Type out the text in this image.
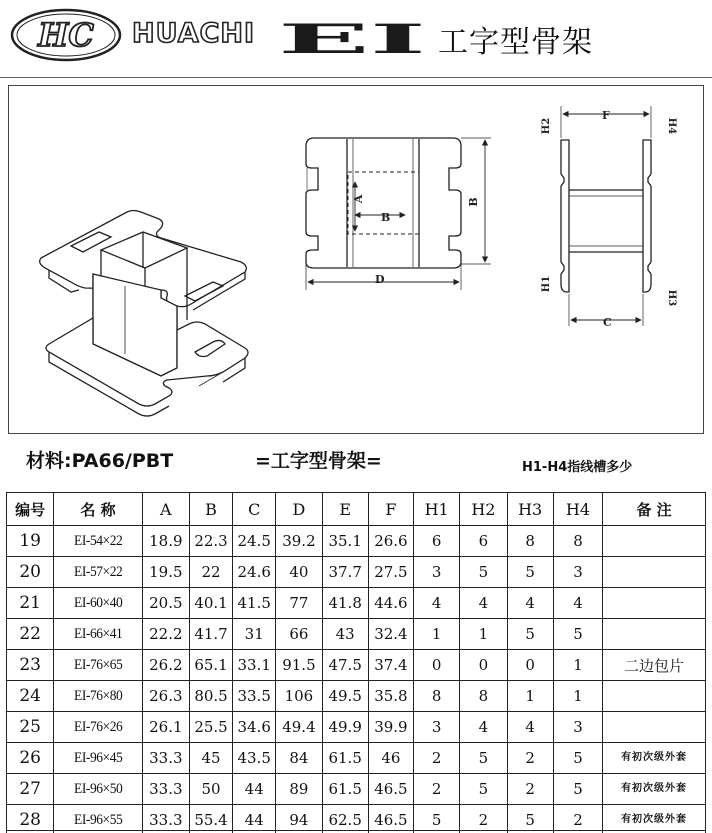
HC HUACHI EI 工字型骨架
A
B
B
D
F
C
H2	H4
H1
H3
材料:PA66/PBT	=工字型骨架=	H1-H4指线槽多少
编号	名 称	A	B	C	D	E	F	H1	H2	H3	H4	备 注
19	EI-54×22	18.9	22.3	24.5	39.2	35.1	26.6	6	6	8	8	
20	EI-57×22	19.5	22	24.6	40	37.7	27.5	3	5	5	3	
21	EI-60×40	20.5	40.1	41.5	77	41.8	44.6	4	4	4	4	
22	EI-66×41	22.2	41.7	31	66	43	32.4	1	1	5	5	
23	EI-76×65	26.2	65.1	33.1	91.5	47.5	37.4	0	0	0	1	二边包片
24	EI-76×80	26.3	80.5	33.5	106	49.5	35.8	8	8	1	1	
25	EI-76×26	26.1	25.5	34.6	49.4	49.9	39.9	3	4	4	3	
26	EI-96×45	33.3	45	43.5	84	61.5	46	2	5	2	5	有初次级外套
27	EI-96×50	33.3	50	44	89	61.5	46.5	2	5	2	5	有初次级外套
28	EI-96×55	33.3	55.4	44	94	62.5	46.5	5	2	5	2	有初次级外套
